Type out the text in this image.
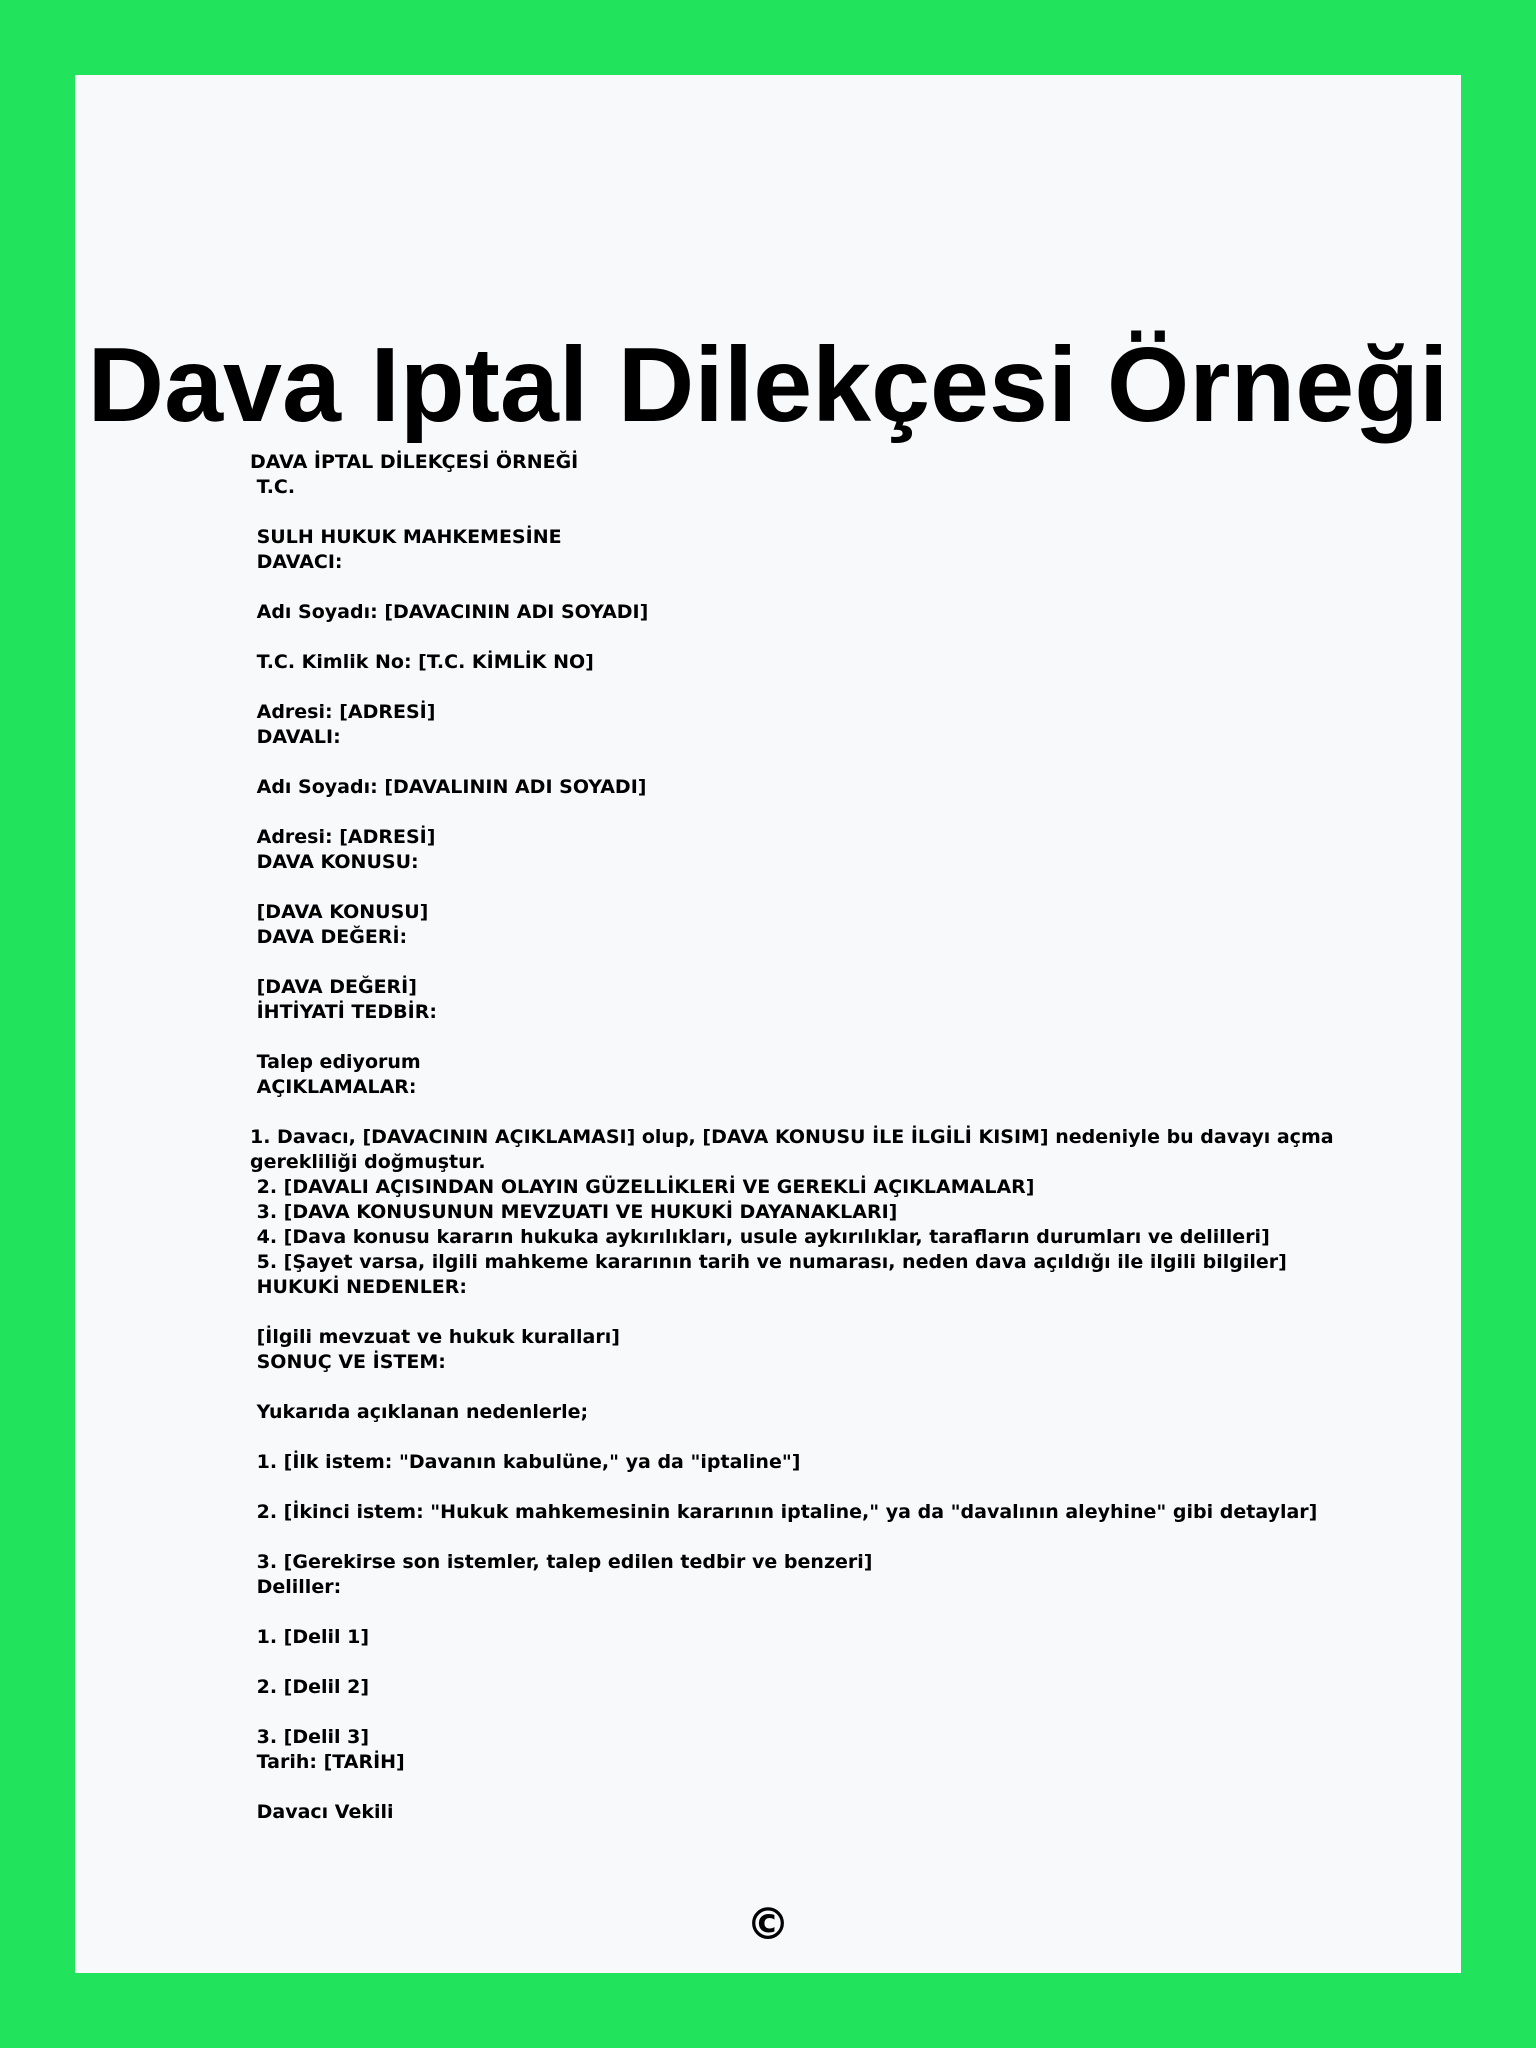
Dava Iptal Dilekçesi Örneği
DAVA İPTAL DİLEKÇESİ ÖRNEĞİ
T.C.
SULH HUKUK MAHKEMESİNE
DAVACI:
Adı Soyadı: [DAVACININ ADI SOYADI]
T.C. Kimlik No: [T.C. KİMLİK NO]
Adresi: [ADRESİ]
DAVALI:
Adı Soyadı: [DAVALININ ADI SOYADI]
Adresi: [ADRESİ]
DAVA KONUSU:
[DAVA KONUSU]
DAVA DEĞERİ:
[DAVA DEĞERİ]
İHTİYATİ TEDBİR:
Talep ediyorum
AÇIKLAMALAR:
1. Davacı, [DAVACININ AÇIKLAMASI] olup, [DAVA KONUSU İLE İLGİLİ KISIM] nedeniyle bu davayı açma
gerekliliği doğmuştur.
2. [DAVALI AÇISINDAN OLAYIN GÜZELLİKLERİ VE GEREKLİ AÇIKLAMALAR]
3. [DAVA KONUSUNUN MEVZUATI VE HUKUKİ DAYANAKLARI]
4. [Dava konusu kararın hukuka aykırılıkları, usule aykırılıklar, tarafların durumları ve delilleri]
5. [Şayet varsa, ilgili mahkeme kararının tarih ve numarası, neden dava açıldığı ile ilgili bilgiler]
HUKUKİ NEDENLER:
[İlgili mevzuat ve hukuk kuralları]
SONUÇ VE İSTEM:
Yukarıda açıklanan nedenlerle;
1. [İlk istem: "Davanın kabulüne," ya da "iptaline"]
2. [İkinci istem: "Hukuk mahkemesinin kararının iptaline," ya da "davalının aleyhine" gibi detaylar]
3. [Gerekirse son istemler, talep edilen tedbir ve benzeri]
Deliller:
1. [Delil 1]
2. [Delil 2]
3. [Delil 3]
Tarih: [TARİH]
Davacı Vekili
©
